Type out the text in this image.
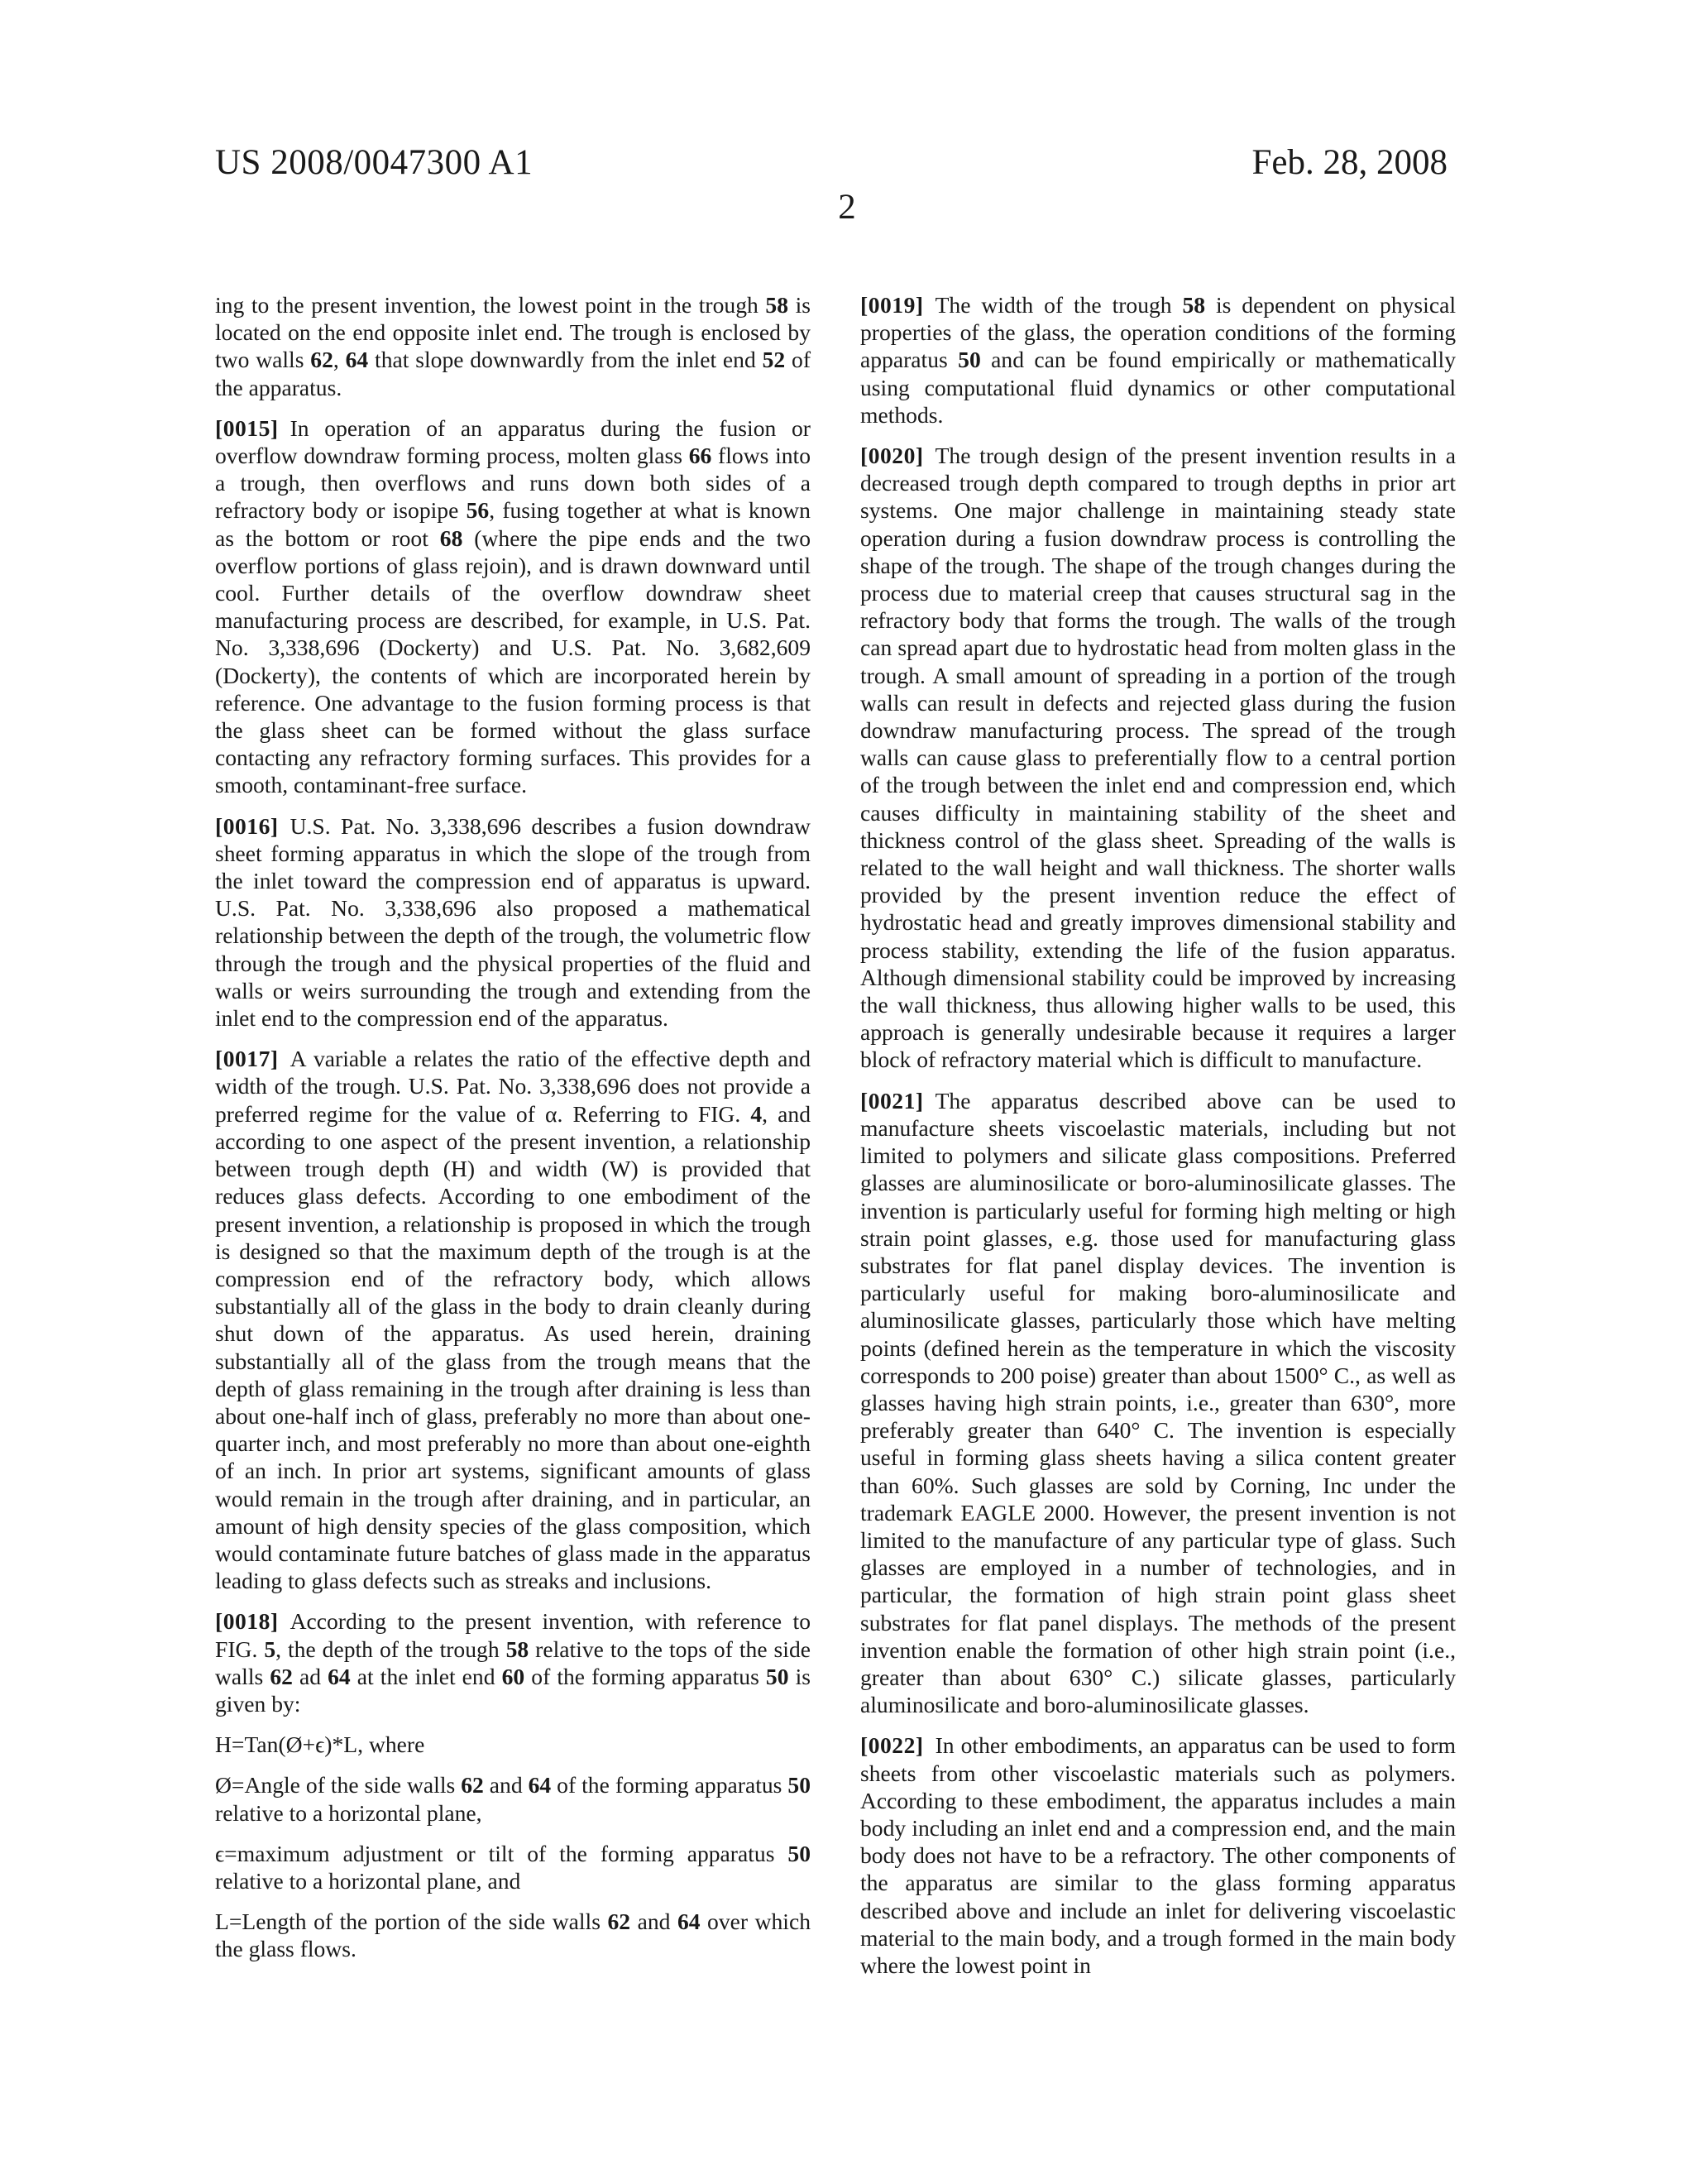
US 2008/0047300 A1	Feb. 28, 2008
2

ing to the present invention, the lowest point in the trough 58 is located on the end opposite inlet end. The trough is enclosed by two walls 62, 64 that slope downwardly from the inlet end 52 of the apparatus.

[0015] In operation of an apparatus during the fusion or overflow downdraw forming process, molten glass 66 flows into a trough, then overflows and runs down both sides of a refractory body or isopipe 56, fusing together at what is known as the bottom or root 68 (where the pipe ends and the two overflow portions of glass rejoin), and is drawn downward until cool. Further details of the overflow downdraw sheet manufacturing process are described, for example, in U.S. Pat. No. 3,338,696 (Dockerty) and U.S. Pat. No. 3,682,609 (Dockerty), the contents of which are incorporated herein by reference. One advantage to the fusion forming process is that the glass sheet can be formed without the glass surface contacting any refractory forming surfaces. This provides for a smooth, contaminant-free surface.

[0016] U.S. Pat. No. 3,338,696 describes a fusion downdraw sheet forming apparatus in which the slope of the trough from the inlet toward the compression end of apparatus is upward. U.S. Pat. No. 3,338,696 also proposed a mathematical relationship between the depth of the trough, the volumetric flow through the trough and the physical properties of the fluid and walls or weirs surrounding the trough and extending from the inlet end to the compression end of the apparatus.

[0017] A variable a relates the ratio of the effective depth and width of the trough. U.S. Pat. No. 3,338,696 does not provide a preferred regime for the value of α. Referring to FIG. 4, and according to one aspect of the present invention, a relationship between trough depth (H) and width (W) is provided that reduces glass defects. According to one embodiment of the present invention, a relationship is proposed in which the trough is designed so that the maximum depth of the trough is at the compression end of the refractory body, which allows substantially all of the glass in the body to drain cleanly during shut down of the apparatus. As used herein, draining substantially all of the glass from the trough means that the depth of glass remaining in the trough after draining is less than about one-half inch of glass, preferably no more than about one-quarter inch, and most preferably no more than about one-eighth of an inch. In prior art systems, significant amounts of glass would remain in the trough after draining, and in particular, an amount of high density species of the glass composition, which would contaminate future batches of glass made in the apparatus leading to glass defects such as streaks and inclusions.

[0018] According to the present invention, with reference to FIG. 5, the depth of the trough 58 relative to the tops of the side walls 62 ad 64 at the inlet end 60 of the forming apparatus 50 is given by:

H=Tan(Ø+ϵ)*L, where

Ø=Angle of the side walls 62 and 64 of the forming apparatus 50 relative to a horizontal plane,

ϵ=maximum adjustment or tilt of the forming apparatus 50 relative to a horizontal plane, and

L=Length of the portion of the side walls 62 and 64 over which the glass flows.

[0019] The width of the trough 58 is dependent on physical properties of the glass, the operation conditions of the forming apparatus 50 and can be found empirically or mathematically using computational fluid dynamics or other computational methods.

[0020] The trough design of the present invention results in a decreased trough depth compared to trough depths in prior art systems. One major challenge in maintaining steady state operation during a fusion downdraw process is controlling the shape of the trough. The shape of the trough changes during the process due to material creep that causes structural sag in the refractory body that forms the trough. The walls of the trough can spread apart due to hydrostatic head from molten glass in the trough. A small amount of spreading in a portion of the trough walls can result in defects and rejected glass during the fusion downdraw manufacturing process. The spread of the trough walls can cause glass to preferentially flow to a central portion of the trough between the inlet end and compression end, which causes difficulty in maintaining stability of the sheet and thickness control of the glass sheet. Spreading of the walls is related to the wall height and wall thickness. The shorter walls provided by the present invention reduce the effect of hydrostatic head and greatly improves dimensional stability and process stability, extending the life of the fusion apparatus. Although dimensional stability could be improved by increasing the wall thickness, thus allowing higher walls to be used, this approach is generally undesirable because it requires a larger block of refractory material which is difficult to manufacture.

[0021] The apparatus described above can be used to manufacture sheets viscoelastic materials, including but not limited to polymers and silicate glass compositions. Preferred glasses are aluminosilicate or boro-aluminosilicate glasses. The invention is particularly useful for forming high melting or high strain point glasses, e.g. those used for manufacturing glass substrates for flat panel display devices. The invention is particularly useful for making boro-aluminosilicate and aluminosilicate glasses, particularly those which have melting points (defined herein as the temperature in which the viscosity corresponds to 200 poise) greater than about 1500° C., as well as glasses having high strain points, i.e., greater than 630°, more preferably greater than 640° C. The invention is especially useful in forming glass sheets having a silica content greater than 60%. Such glasses are sold by Corning, Inc under the trademark EAGLE 2000. However, the present invention is not limited to the manufacture of any particular type of glass. Such glasses are employed in a number of technologies, and in particular, the formation of high strain point glass sheet substrates for flat panel displays. The methods of the present invention enable the formation of other high strain point (i.e., greater than about 630° C.) silicate glasses, particularly aluminosilicate and boro-aluminosilicate glasses.

[0022] In other embodiments, an apparatus can be used to form sheets from other viscoelastic materials such as polymers. According to these embodiment, the apparatus includes a main body including an inlet end and a compression end, and the main body does not have to be a refractory. The other components of the apparatus are similar to the glass forming apparatus described above and include an inlet for delivering viscoelastic material to the main body, and a trough formed in the main body where the lowest point in
